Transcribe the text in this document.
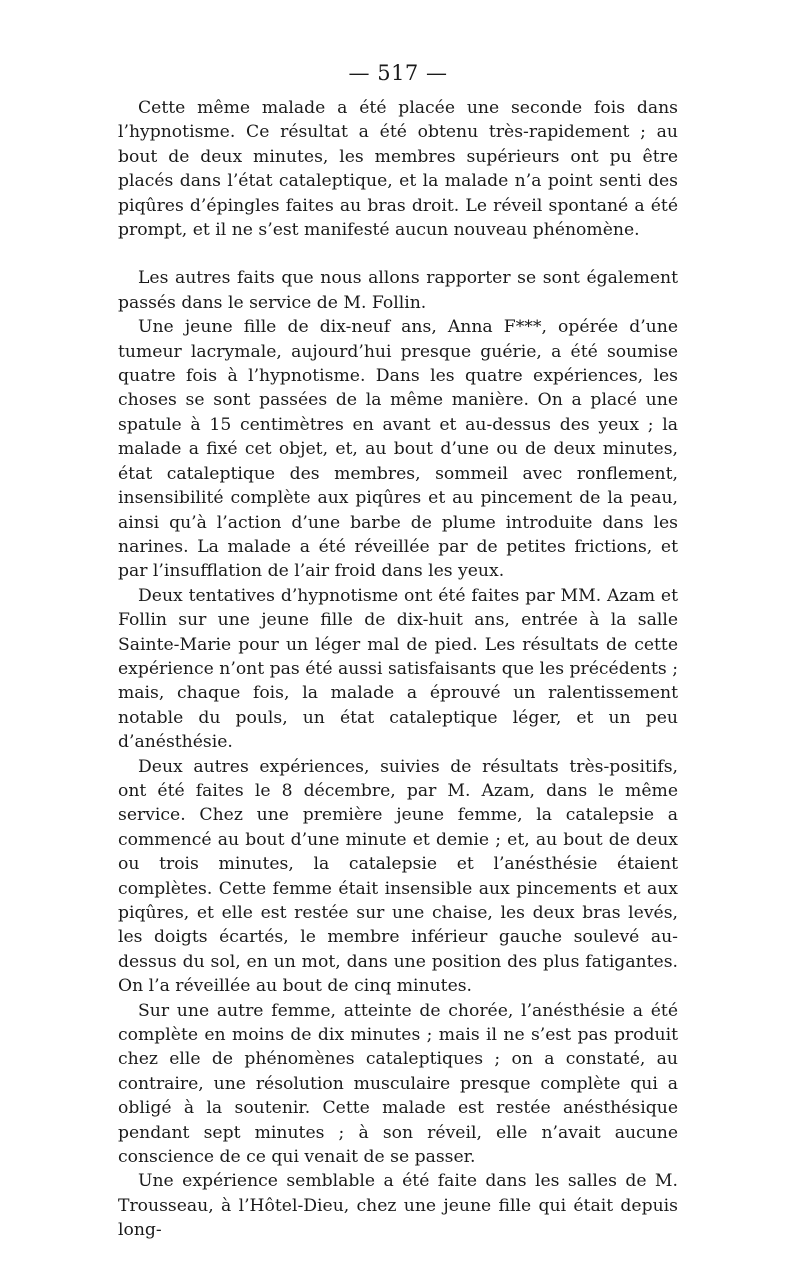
— 517 —

Cette même malade a été placée une seconde fois dans l’hypnotisme. Ce résultat a été obtenu très-rapidement ; au bout de deux minutes, les membres supérieurs ont pu être placés dans l’état cataleptique, et la malade n’a point senti des piqûres d’épingles faites au bras droit. Le réveil spontané a été prompt, et il ne s’est manifesté aucun nouveau phénomène.

Les autres faits que nous allons rapporter se sont également passés dans le service de M. Follin.

Une jeune fille de dix-neuf ans, Anna F***, opérée d’une tumeur lacrymale, aujourd’hui presque guérie, a été soumise quatre fois à l’hypnotisme. Dans les quatre expériences, les choses se sont passées de la même manière. On a placé une spatule à 15 centimètres en avant et au-dessus des yeux ; la malade a fixé cet objet, et, au bout d’une ou de deux minutes, état cataleptique des membres, sommeil avec ronflement, insensibilité complète aux piqûres et au pincement de la peau, ainsi qu’à l’action d’une barbe de plume introduite dans les narines. La malade a été réveillée par de petites frictions, et par l’insufflation de l’air froid dans les yeux.

Deux tentatives d’hypnotisme ont été faites par MM. Azam et Follin sur une jeune fille de dix-huit ans, entrée à la salle Sainte-Marie pour un léger mal de pied. Les résultats de cette expérience n’ont pas été aussi satisfaisants que les précédents ; mais, chaque fois, la malade a éprouvé un ralentissement notable du pouls, un état cataleptique léger, et un peu d’anésthésie.

Deux autres expériences, suivies de résultats très-positifs, ont été faites le 8 décembre, par M. Azam, dans le même service. Chez une première jeune femme, la catalepsie a commencé au bout d’une minute et demie ; et, au bout de deux ou trois minutes, la catalepsie et l’anésthésie étaient complètes. Cette femme était insensible aux pincements et aux piqûres, et elle est restée sur une chaise, les deux bras levés, les doigts écartés, le membre inférieur gauche soulevé au-dessus du sol, en un mot, dans une position des plus fatigantes. On l’a réveillée au bout de cinq minutes.

Sur une autre femme, atteinte de chorée, l’anésthésie a été complète en moins de dix minutes ; mais il ne s’est pas produit chez elle de phénomènes cataleptiques ; on a constaté, au contraire, une résolution musculaire presque complète qui a obligé à la soutenir. Cette malade est restée anésthésique pendant sept minutes ; à son réveil, elle n’avait aucune conscience de ce qui venait de se passer.

Une expérience semblable a été faite dans les salles de M. Trousseau, à l’Hôtel-Dieu, chez une jeune fille qui était depuis long-
